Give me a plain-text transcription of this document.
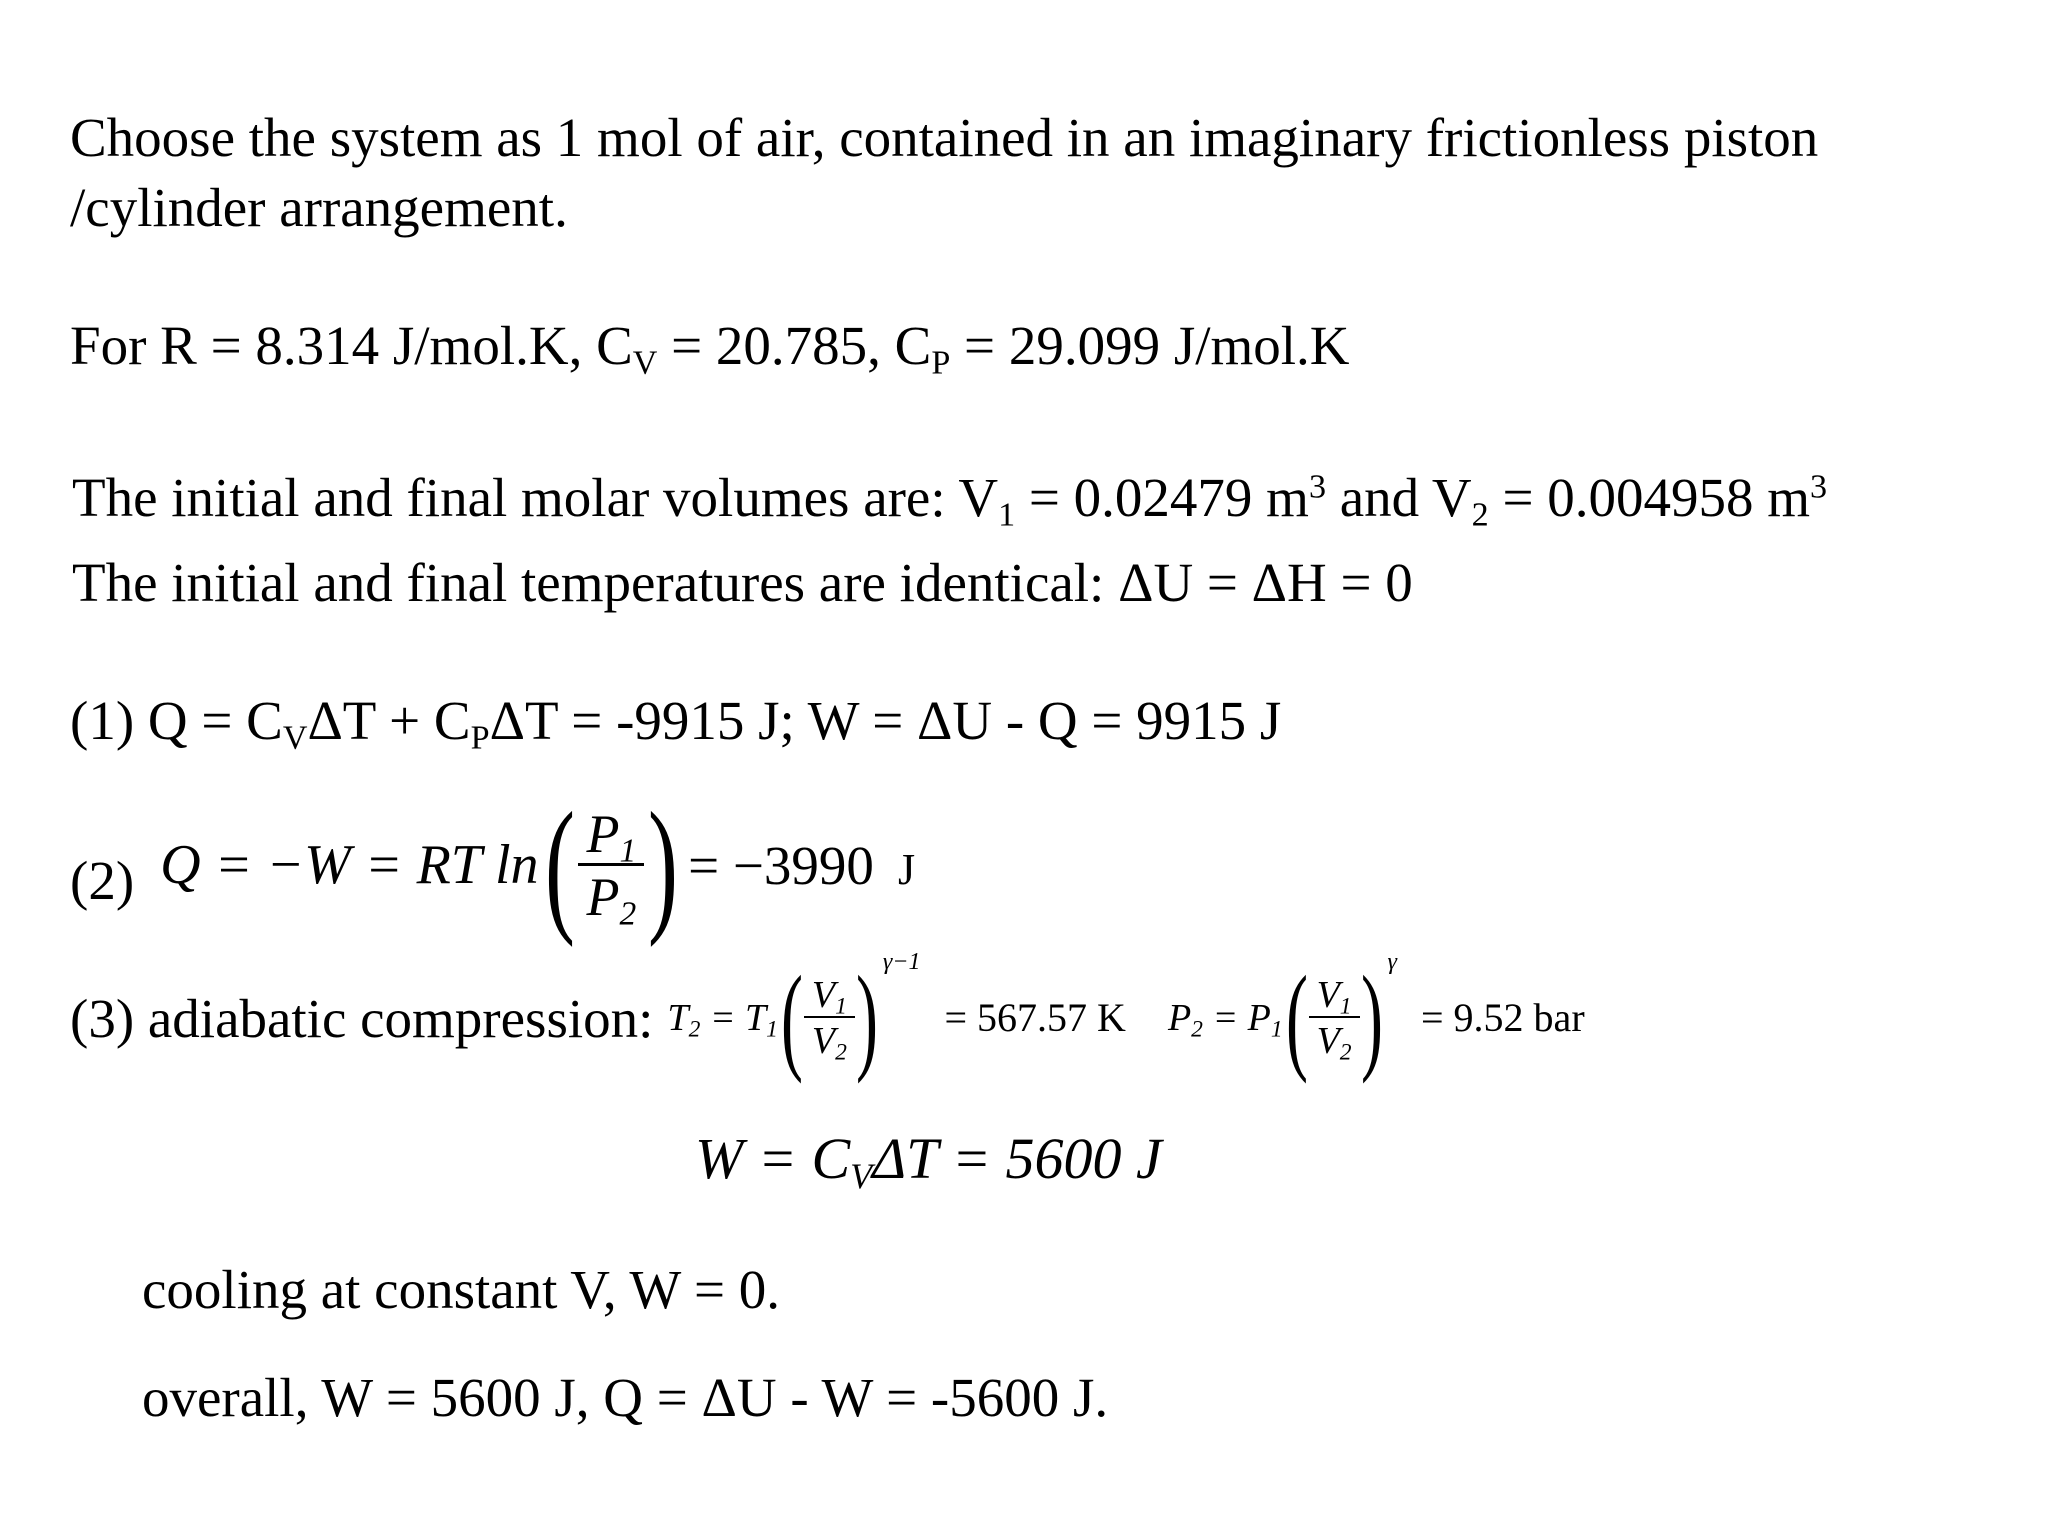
Choose the system as 1 mol of air, contained in an imaginary frictionless piston
/cylinder arrangement.
For R = 8.314 J/mol.K, $C_V = 20.785$, $C_P = 29.099$ J/mol.K
The initial and final molar volumes are: $V_1 = 0.02479$ $m^3$ and $V_2 = 0.004958$ $m^3$
The initial and final temperatures are identical: ΔU = ΔH = 0
(1) $Q = C_V\Delta T + C_P\Delta T = -9915$ J; W = ΔU - Q = 9915 J
(2) Q = −W = RT ln ( $\frac{P_1}{P_2}$ ) = −3990 J
(3) adiabatic compression: $T_2 = T_1$ ( $\frac{V_1}{V_2}$ ) γ−1
= 567.57 K $P_2 = P_1$ ( $\frac{V_1}{V_2}$ ) γ
= 9.52 bar
$W = C_V\Delta T = 5600$ J
cooling at constant V, W = 0.
overall, W = 5600 J, Q = ΔU - W = -5600 J.
